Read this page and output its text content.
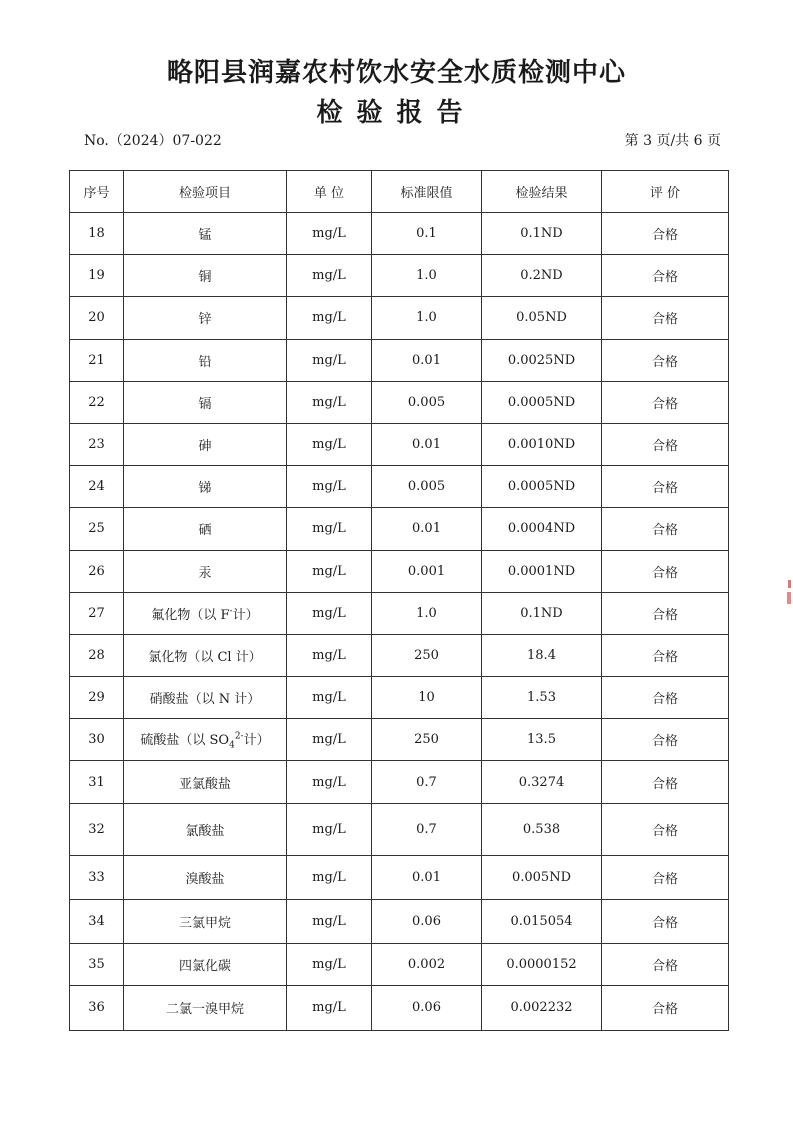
略阳县润嘉农村饮水安全水质检测中心
检验报告
No.（2024）07-022	第 3 页/共 6 页
序号	检验项目	单 位	标准限值	检验结果	评 价
18	锰	mg/L	0.1	0.1ND	合格
19	铜	mg/L	1.0	0.2ND	合格
20	锌	mg/L	1.0	0.05ND	合格
21	铅	mg/L	0.01	0.0025ND	合格
22	镉	mg/L	0.005	0.0005ND	合格
23	砷	mg/L	0.01	0.0010ND	合格
24	锑	mg/L	0.005	0.0005ND	合格
25	硒	mg/L	0.01	0.0004ND	合格
26	汞	mg/L	0.001	0.0001ND	合格
27	氟化物（以 F-计）	mg/L	1.0	0.1ND	合格
28	氯化物（以 Cl 计）	mg/L	250	18.4	合格
29	硝酸盐（以 N 计）	mg/L	10	1.53	合格
30	硫酸盐（以 $SO_4^{2-}$计）	mg/L	250	13.5	合格
31	亚氯酸盐	mg/L	0.7	0.3274	合格
32	氯酸盐	mg/L	0.7	0.538	合格
33	溴酸盐	mg/L	0.01	0.005ND	合格
34	三氯甲烷	mg/L	0.06	0.015054	合格
35	四氯化碳	mg/L	0.002	0.0000152	合格
36	二氯一溴甲烷	mg/L	0.06	0.002232	合格
